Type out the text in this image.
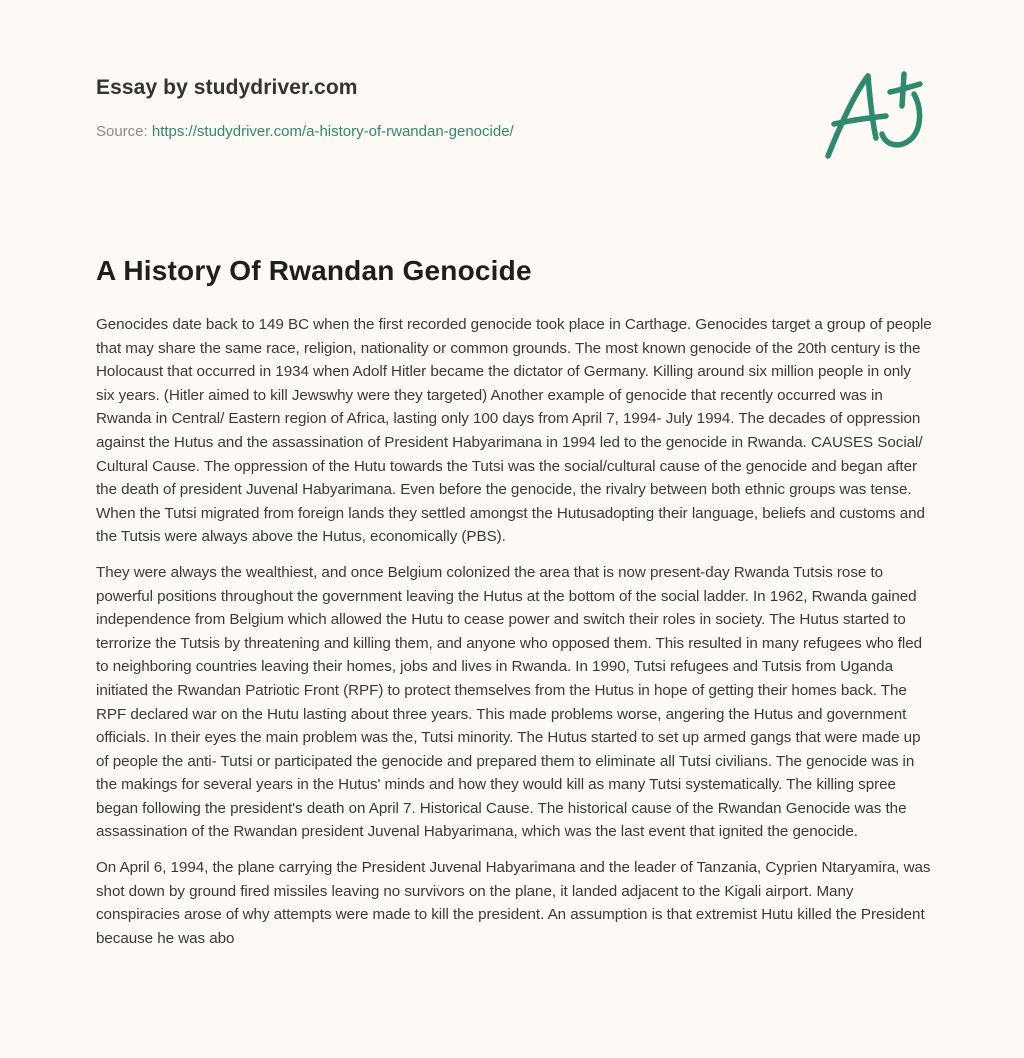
Essay by studydriver.com

Source: https://studydriver.com/a-history-of-rwandan-genocide/

A History Of Rwandan Genocide

Genocides date back to 149 BC when the first recorded genocide took place in Carthage. Genocides target a group of people that may share the same race, religion, nationality or common grounds. The most known genocide of the 20th century is the Holocaust that occurred in 1934 when Adolf Hitler became the dictator of Germany. Killing around six million people in only six years. (Hitler aimed to kill Jewswhy were they targeted) Another example of genocide that recently occurred was in Rwanda in Central/ Eastern region of Africa, lasting only 100 days from April 7, 1994- July 1994. The decades of oppression against the Hutus and the assassination of President Habyarimana in 1994 led to the genocide in Rwanda. CAUSES Social/ Cultural Cause. The oppression of the Hutu towards the Tutsi was the social/cultural cause of the genocide and began after the death of president Juvenal Habyarimana. Even before the genocide, the rivalry between both ethnic groups was tense. When the Tutsi migrated from foreign lands they settled amongst the Hutusadopting their language, beliefs and customs and the Tutsis were always above the Hutus, economically (PBS).

They were always the wealthiest, and once Belgium colonized the area that is now present-day Rwanda Tutsis rose to powerful positions throughout the government leaving the Hutus at the bottom of the social ladder. In 1962, Rwanda gained independence from Belgium which allowed the Hutu to cease power and switch their roles in society. The Hutus started to terrorize the Tutsis by threatening and killing them, and anyone who opposed them. This resulted in many refugees who fled to neighboring countries leaving their homes, jobs and lives in Rwanda. In 1990, Tutsi refugees and Tutsis from Uganda initiated the Rwandan Patriotic Front (RPF) to protect themselves from the Hutus in hope of getting their homes back. The RPF declared war on the Hutu lasting about three years. This made problems worse, angering the Hutus and government officials. In their eyes the main problem was the, Tutsi minority. The Hutus started to set up armed gangs that were made up of people the anti- Tutsi or participated the genocide and prepared them to eliminate all Tutsi civilians. The genocide was in the makings for several years in the Hutus' minds and how they would kill as many Tutsi systematically. The killing spree began following the president's death on April 7. Historical Cause. The historical cause of the Rwandan Genocide was the assassination of the Rwandan president Juvenal Habyarimana, which was the last event that ignited the genocide.

On April 6, 1994, the plane carrying the President Juvenal Habyarimana and the leader of Tanzania, Cyprien Ntaryamira, was shot down by ground fired missiles leaving no survivors on the plane, it landed adjacent to the Kigali airport. Many conspiracies arose of why attempts were made to kill the president. An assumption is that extremist Hutu killed the President because he was abo
